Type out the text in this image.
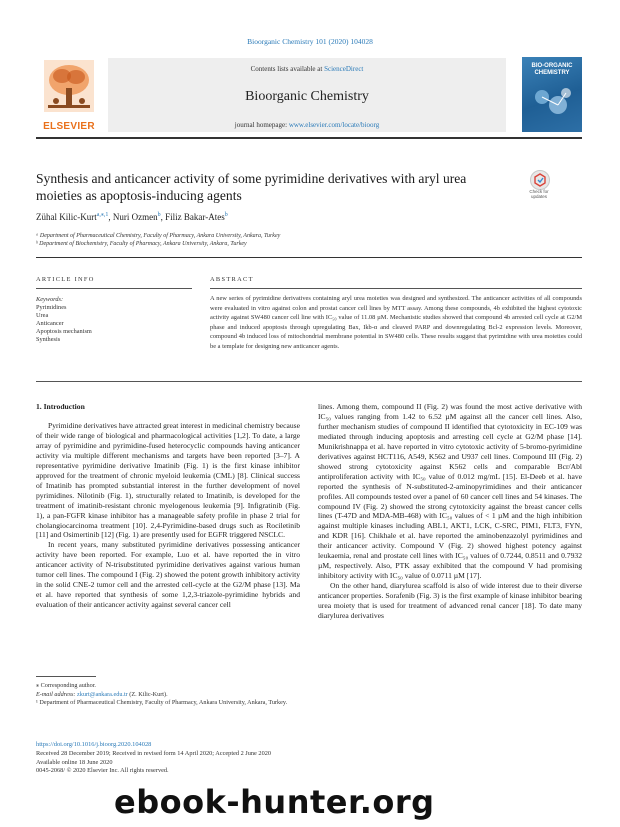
Bioorganic Chemistry 101 (2020) 104028
Contents lists available at ScienceDirect
Bioorganic Chemistry
journal homepage: www.elsevier.com/locate/bioorg
ELSEVIER
BIO-ORGANIC CHEMISTRY
Synthesis and anticancer activity of some pyrimidine derivatives with aryl urea moieties as apoptosis-inducing agents	Check for
updates
Zühal Kilic-Kurt$^{a,⁎,1}$, Nuri Ozmen$^b$, Filiz Bakar-Ates$^b$
ᵃ Department of Pharmaceutical Chemistry, Faculty of Pharmacy, Ankara University, Ankara, Turkey
ᵇ Department of Biochemistry, Faculty of Pharmacy, Ankara University, Ankara, Turkey
ARTICLE INFO	ABSTRACT
Keywords:
Pyrimidines
Urea
Anticancer
Apoptosis mechanism
Synthesis
A new series of pyrimidine derivatives containing aryl urea moieties was designed and synthesized. The anticancer activities of all compounds were evaluated in vitro against colon and prostat cancer cell lines by MTT assay. Among these compounds, 4b exhibited the highest cytotoxic activity against SW480 cancer cell line with IC₅₀ value of 11.08 µM. Mechanistic studies showed that compound 4b arrested cell cycle at G2/M phase and induced apoptosis through upregulating Bax, Ikb-α and cleaved PARP and downregulating Bcl-2 expression levels. Moreover, compound 4b induced loss of mitochondrial membrane potential in SW480 cells. These results suggest that pyrimidine with urea moieties could be a template for designing new anticancer agents.
1. Introduction

Pyrimidine derivatives have attracted great interest in medicinal chemistry because of their wide range of biological and pharmacological activities [1,2]. To date, a large array of pyrimidine and pyrimidine-fused heterocyclic compounds having anticancer activity via multiple different mechanisms and targets have been reported [3–7]. A representative pyrimidine derivative Imatinib (Fig. 1) is the first kinase inhibitor approved for the treatment of chronic myeloid leukemia (CML) [8]. Clinical success of Imatinib has prompted substantial interest in the further development of novel pyrimidines. Nilotinib (Fig. 1), structurally related to Imatinib, is developed for the treatment of imatinib-resistant chronic myelogenous leukemia [9]. Infigratinib (Fig. 1), a pan-FGFR kinase inhibitor has a manageable safety profile in phase 2 trial for cholangiocarcinoma treatment [10]. 2,4-Pyrimidine-based drugs such as Rociletinib [11] and Osimertinib [12] (Fig. 1) are presently used for EGFR triggered NSCLC.

In recent years, many substituted pyrimidine derivatives possessing anticancer activity have been reported. For example, Luo et al. have reported the in vitro anticancer activity of N-trisubstituted pyrimidine derivatives against various human tumor cell lines. The compound I (Fig. 2) showed the potent growth inhibitory activity in the solid CNE-2 tumor cell and the arrested cell-cycle at the G2/M phase [13]. Ma et al. have reported that synthesis of some 1,2,3-triazole-pyrimidine hybrids and evaluation of their anticancer activity against several cancer cell

lines. Among them, compound II (Fig. 2) was found the most active derivative with IC₅₀ values ranging from 1.42 to 6.52 µM against all the cancer cell lines. Also, further mechanism studies of compound II identified that cytotoxicity in EC-109 was mediated through inducing apoptosis and arresting cell cycle at G2/M phase [14]. Munikrishnappa et al. have reported in vitro cytotoxic activity of 5-bromo-pyrimidine derivatives against HCT116, A549, K562 and U937 cell lines. Compound III (Fig. 2) showed strong cytotoxicity against K562 cells and comparable Bcr/Abl antiproliferation activity with IC₅₀ value of 0.012 mg/mL [15]. El-Deeb et al. have reported the synthesis of N-substituted-2-aminopyrimidines and their anticancer profiles. All compounds tested over a panel of 60 cancer cell lines and 54 kinases. The compound IV (Fig. 2) showed the strong cytotoxicity against the breast cancer cells lines (T-47D and MDA-MB-468) with IC₅₀ values of < 1 µM and the high inhibition against multiple kinases including ABL1, AKT1, LCK, C-SRC, PIM1, FLT3, FYN, and KDR [16]. Chikhale et al. have reported the aminobenzazolyl pyrimidines and their anticancer activity. Compound V (Fig. 2) showed highest potency against leukaemia, renal and prostate cell lines with IC₅₀ values of 0.7244, 0.8511 and 0.7932 µM, respectively. Also, PTK assay exhibited that the compound V had promising inhibitory activity with IC₅₀ value of 0.0711 µM [17].

On the other hand, diarylurea scaffold is also of wide interest due to their diverse anticancer properties. Sorafenib (Fig. 3) is the first example of kinase inhibitor bearing urea moiety that is used for treatment of advanced renal cancer [18]. To date many diarylurea derivatives

⁎ Corresponding author.
E-mail address: zkurt@ankara.edu.tr (Z. Kilic-Kurt).
¹ Department of Pharmaceutical Chemistry, Faculty of Pharmacy, Ankara University, Ankara, Turkey.
https://doi.org/10.1016/j.bioorg.2020.104028
Received 28 December 2019; Received in revised form 14 April 2020; Accepted 2 June 2020
Available online 18 June 2020
0045-2068/ © 2020 Elsevier Inc. All rights reserved.
ebook-hunter.org
